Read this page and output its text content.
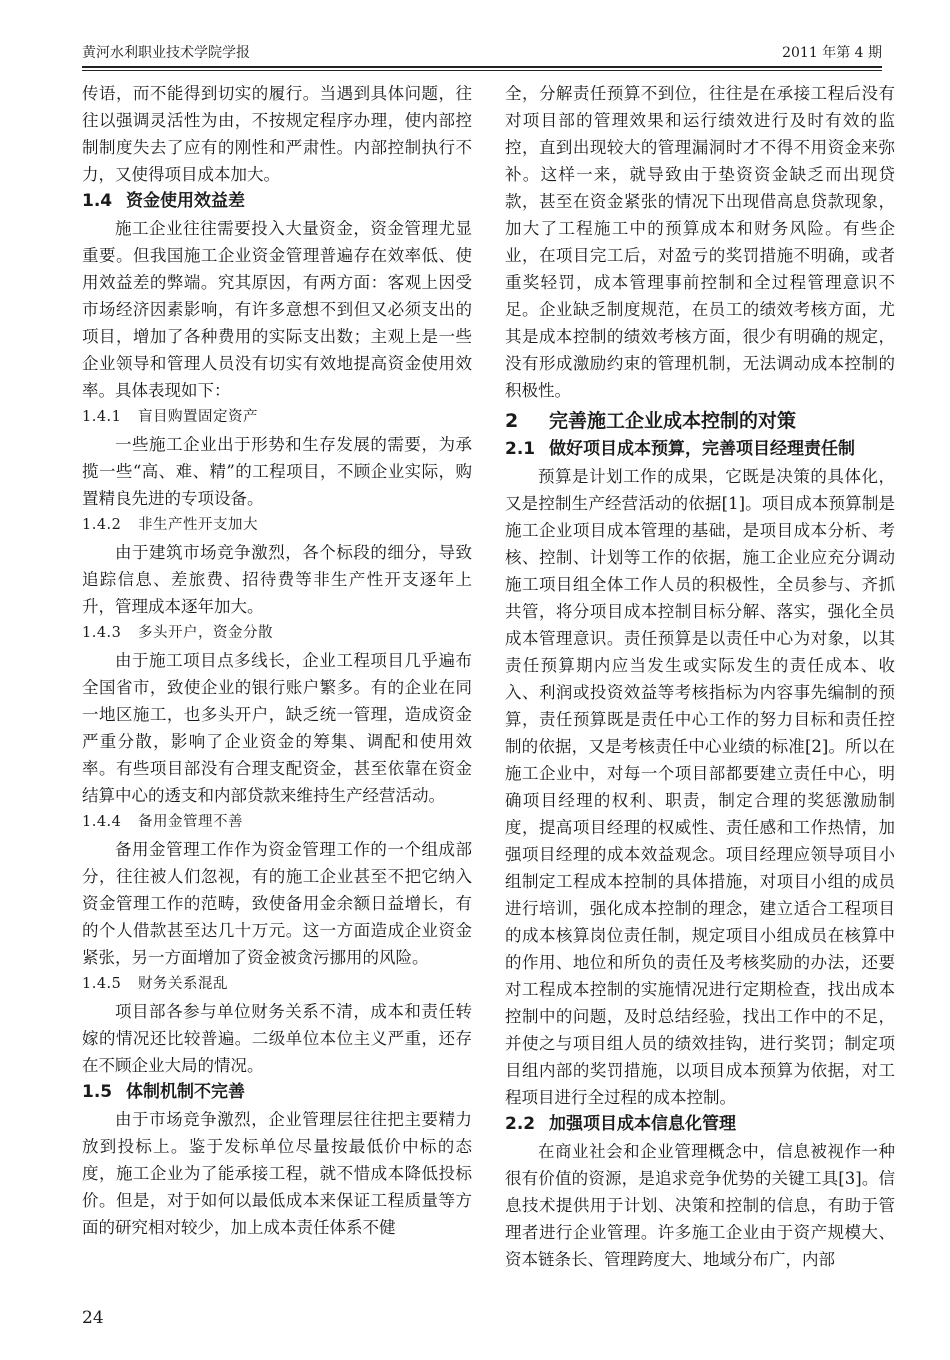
黄河水利职业技术学院学报	2011 年第 4 期

传语，而不能得到切实的履行。当遇到具体问题，往往以强调灵活性为由，不按规定程序办理，使内部控制制度失去了应有的刚性和严肃性。内部控制执行不力，又使得项目成本加大。

1.4 资金使用效益差

施工企业往往需要投入大量资金，资金管理尤显重要。但我国施工企业资金管理普遍存在效率低、使用效益差的弊端。究其原因，有两方面：客观上因受市场经济因素影响，有许多意想不到但又必须支出的项目，增加了各种费用的实际支出数；主观上是一些企业领导和管理人员没有切实有效地提高资金使用效率。具体表现如下：

1.4.1 盲目购置固定资产

一些施工企业出于形势和生存发展的需要，为承揽一些“高、难、精”的工程项目，不顾企业实际，购置精良先进的专项设备。

1.4.2 非生产性开支加大

由于建筑市场竞争激烈，各个标段的细分，导致追踪信息、差旅费、招待费等非生产性开支逐年上升，管理成本逐年加大。

1.4.3 多头开户，资金分散

由于施工项目点多线长，企业工程项目几乎遍布全国省市，致使企业的银行账户繁多。有的企业在同一地区施工，也多头开户，缺乏统一管理，造成资金严重分散，影响了企业资金的筹集、调配和使用效率。有些项目部没有合理支配资金，甚至依靠在资金结算中心的透支和内部贷款来维持生产经营活动。

1.4.4 备用金管理不善

备用金管理工作作为资金管理工作的一个组成部分，往往被人们忽视，有的施工企业甚至不把它纳入资金管理工作的范畴，致使备用金余额日益增长，有的个人借款甚至达几十万元。这一方面造成企业资金紧张，另一方面增加了资金被贪污挪用的风险。

1.4.5 财务关系混乱

项目部各参与单位财务关系不清，成本和责任转嫁的情况还比较普遍。二级单位本位主义严重，还存在不顾企业大局的情况。

1.5 体制机制不完善

由于市场竞争激烈，企业管理层往往把主要精力放到投标上。鉴于发标单位尽量按最低价中标的态度，施工企业为了能承接工程，就不惜成本降低投标价。但是，对于如何以最低成本来保证工程质量等方面的研究相对较少，加上成本责任体系不健

全，分解责任预算不到位，往往是在承接工程后没有对项目部的管理效果和运行绩效进行及时有效的监控，直到出现较大的管理漏洞时才不得不用资金来弥补。这样一来，就导致由于垫资资金缺乏而出现贷款，甚至在资金紧张的情况下出现借高息贷款现象，加大了工程施工中的预算成本和财务风险。有些企业，在项目完工后，对盈亏的奖罚措施不明确，或者重奖轻罚，成本管理事前控制和全过程管理意识不足。企业缺乏制度规范，在员工的绩效考核方面，尤其是成本控制的绩效考核方面，很少有明确的规定，没有形成激励约束的管理机制，无法调动成本控制的积极性。

2 完善施工企业成本控制的对策
2.1 做好项目成本预算，完善项目经理责任制

预算是计划工作的成果，它既是决策的具体化，又是控制生产经营活动的依据[1]。项目成本预算制是施工企业项目成本管理的基础，是项目成本分析、考核、控制、计划等工作的依据，施工企业应充分调动施工项目组全体工作人员的积极性，全员参与、齐抓共管，将分项目成本控制目标分解、落实，强化全员成本管理意识。责任预算是以责任中心为对象，以其责任预算期内应当发生或实际发生的责任成本、收入、利润或投资效益等考核指标为内容事先编制的预算，责任预算既是责任中心工作的努力目标和责任控制的依据，又是考核责任中心业绩的标准[2]。所以在施工企业中，对每一个项目部都要建立责任中心，明确项目经理的权利、职责，制定合理的奖惩激励制度，提高项目经理的权威性、责任感和工作热情，加强项目经理的成本效益观念。项目经理应领导项目小组制定工程成本控制的具体措施，对项目小组的成员进行培训，强化成本控制的理念，建立适合工程项目的成本核算岗位责任制，规定项目小组成员在核算中的作用、地位和所负的责任及考核奖励的办法，还要对工程成本控制的实施情况进行定期检查，找出成本控制中的问题，及时总结经验，找出工作中的不足，并使之与项目组人员的绩效挂钩，进行奖罚；制定项目组内部的奖罚措施，以项目成本预算为依据，对工程项目进行全过程的成本控制。

2.2 加强项目成本信息化管理

在商业社会和企业管理概念中，信息被视作一种很有价值的资源，是追求竞争优势的关键工具[3]。信息技术提供用于计划、决策和控制的信息，有助于管理者进行企业管理。许多施工企业由于资产规模大、资本链条长、管理跨度大、地域分布广，内部

24
